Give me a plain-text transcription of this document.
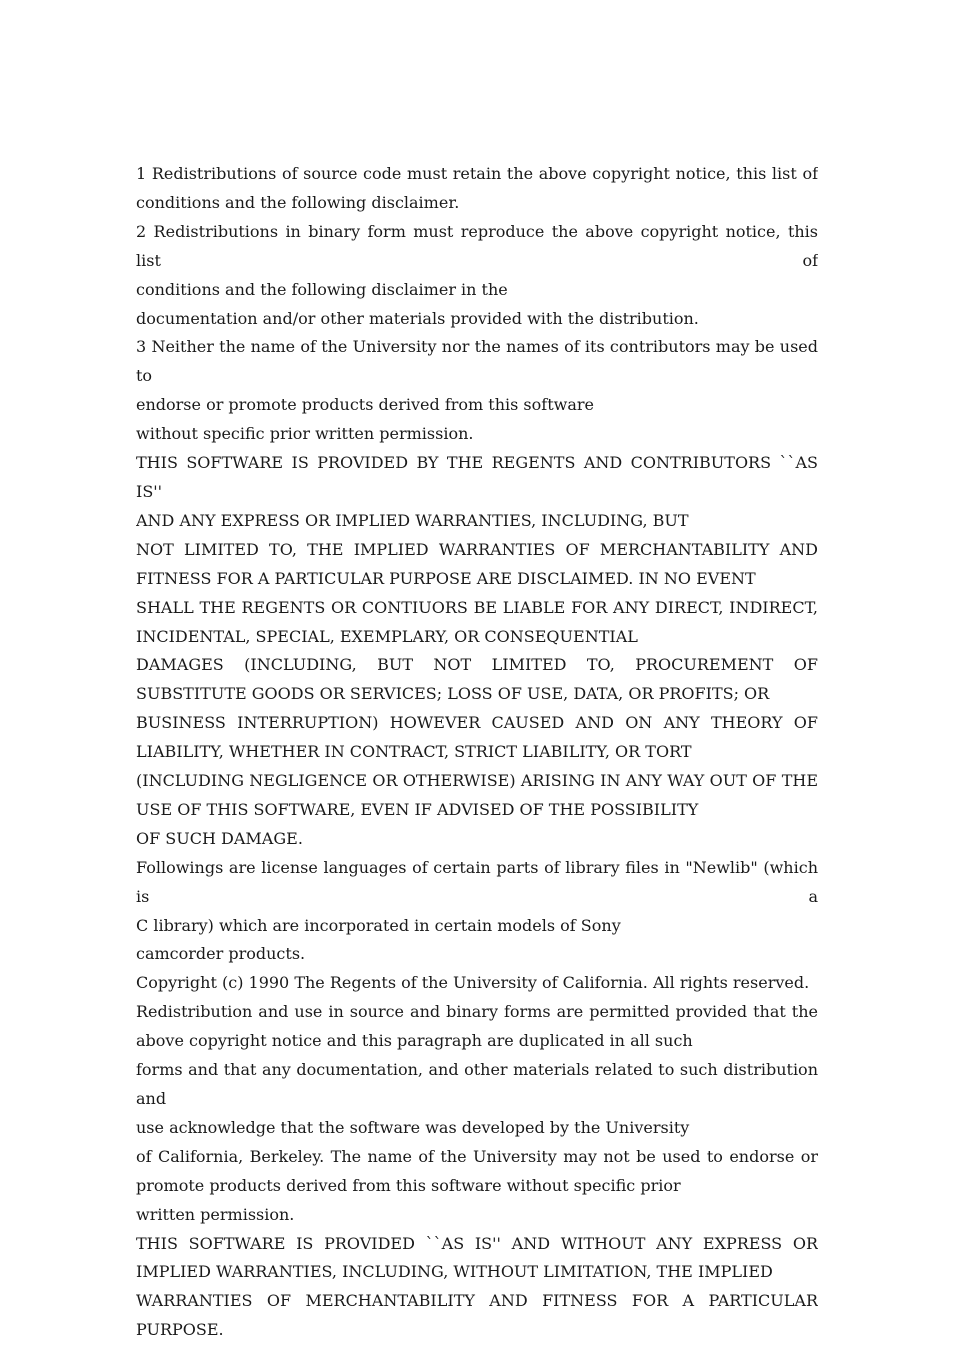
1 Redistributions of source code must retain the above copyright notice, this list of

conditions and the following disclaimer.

2 Redistributions in binary form must reproduce the above copyright notice, this list of

conditions and the following disclaimer in the

documentation and/or other materials provided with the distribution.

3 Neither the name of the University nor the names of its contributors may be used to

endorse or promote products derived from this software

without specific prior written permission.

THIS SOFTWARE IS PROVIDED BY THE REGENTS AND CONTRIBUTORS ``AS IS''

AND ANY EXPRESS OR IMPLIED WARRANTIES, INCLUDING, BUT

NOT LIMITED TO, THE IMPLIED WARRANTIES OF MERCHANTABILITY AND

FITNESS FOR A PARTICULAR PURPOSE ARE DISCLAIMED. IN NO EVENT

SHALL THE REGENTS OR CONTIUORS BE LIABLE FOR ANY DIRECT, INDIRECT,

INCIDENTAL, SPECIAL, EXEMPLARY, OR CONSEQUENTIAL

DAMAGES (INCLUDING, BUT NOT LIMITED TO, PROCUREMENT OF

SUBSTITUTE GOODS OR SERVICES; LOSS OF USE, DATA, OR PROFITS; OR

BUSINESS INTERRUPTION) HOWEVER CAUSED AND ON ANY THEORY OF

LIABILITY, WHETHER IN CONTRACT, STRICT LIABILITY, OR TORT

(INCLUDING NEGLIGENCE OR OTHERWISE) ARISING IN ANY WAY OUT OF THE

USE OF THIS SOFTWARE, EVEN IF ADVISED OF THE POSSIBILITY

OF SUCH DAMAGE.

Followings are license languages of certain parts of library files in "Newlib" (which is a

C library) which are incorporated in certain models of Sony

camcorder products.

Copyright (c) 1990 The Regents of the University of California. All rights reserved.

Redistribution and use in source and binary forms are permitted provided that the

above copyright notice and this paragraph are duplicated in all such

forms and that any documentation, and other materials related to such distribution and

use acknowledge that the software was developed by the University

of California, Berkeley. The name of the University may not be used to endorse or

promote products derived from this software without specific prior

written permission.

THIS SOFTWARE IS PROVIDED ``AS IS'' AND WITHOUT ANY EXPRESS OR

IMPLIED WARRANTIES, INCLUDING, WITHOUT LIMITATION, THE IMPLIED

WARRANTIES OF MERCHANTABILITY AND FITNESS FOR A PARTICULAR

PURPOSE.
